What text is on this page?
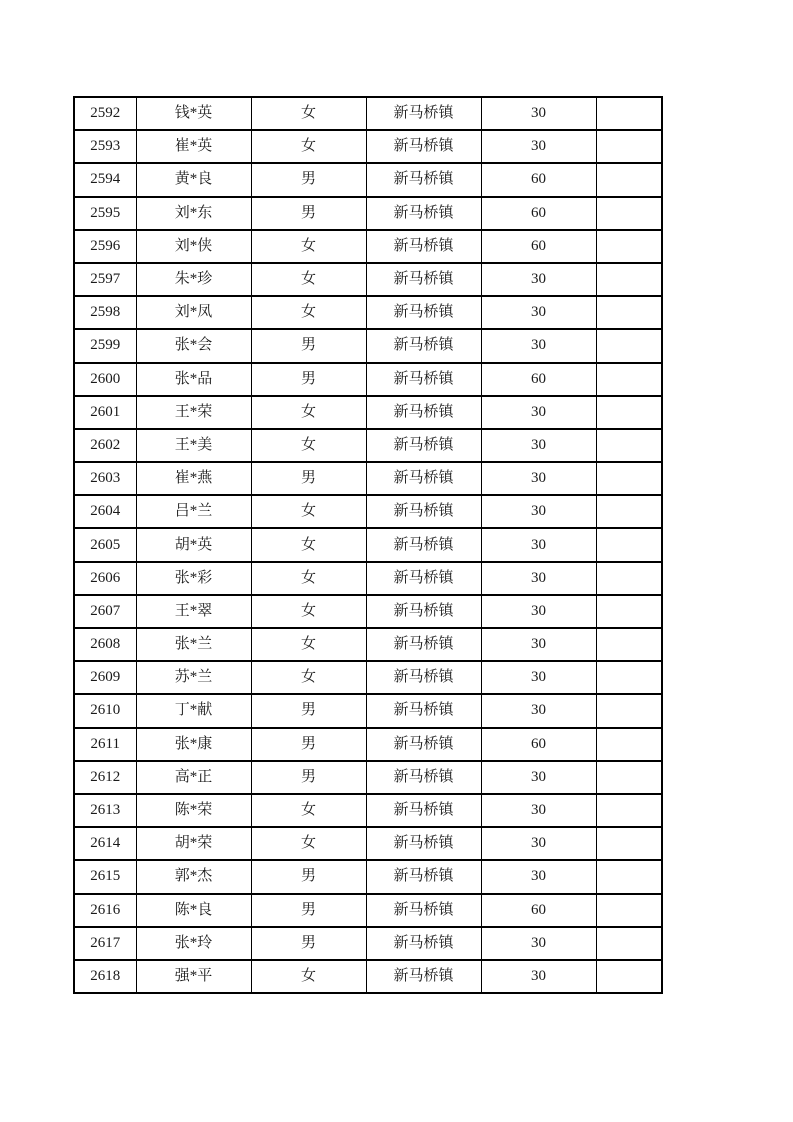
2592	钱*英	女	新马桥镇	30	
2593	崔*英	女	新马桥镇	30	
2594	黄*良	男	新马桥镇	60	
2595	刘*东	男	新马桥镇	60	
2596	刘*侠	女	新马桥镇	60	
2597	朱*珍	女	新马桥镇	30	
2598	刘*凤	女	新马桥镇	30	
2599	张*会	男	新马桥镇	30	
2600	张*品	男	新马桥镇	60	
2601	王*荣	女	新马桥镇	30	
2602	王*美	女	新马桥镇	30	
2603	崔*燕	男	新马桥镇	30	
2604	吕*兰	女	新马桥镇	30	
2605	胡*英	女	新马桥镇	30	
2606	张*彩	女	新马桥镇	30	
2607	王*翠	女	新马桥镇	30	
2608	张*兰	女	新马桥镇	30	
2609	苏*兰	女	新马桥镇	30	
2610	丁*献	男	新马桥镇	30	
2611	张*康	男	新马桥镇	60	
2612	高*正	男	新马桥镇	30	
2613	陈*荣	女	新马桥镇	30	
2614	胡*荣	女	新马桥镇	30	
2615	郭*杰	男	新马桥镇	30	
2616	陈*良	男	新马桥镇	60	
2617	张*玲	男	新马桥镇	30	
2618	强*平	女	新马桥镇	30	
